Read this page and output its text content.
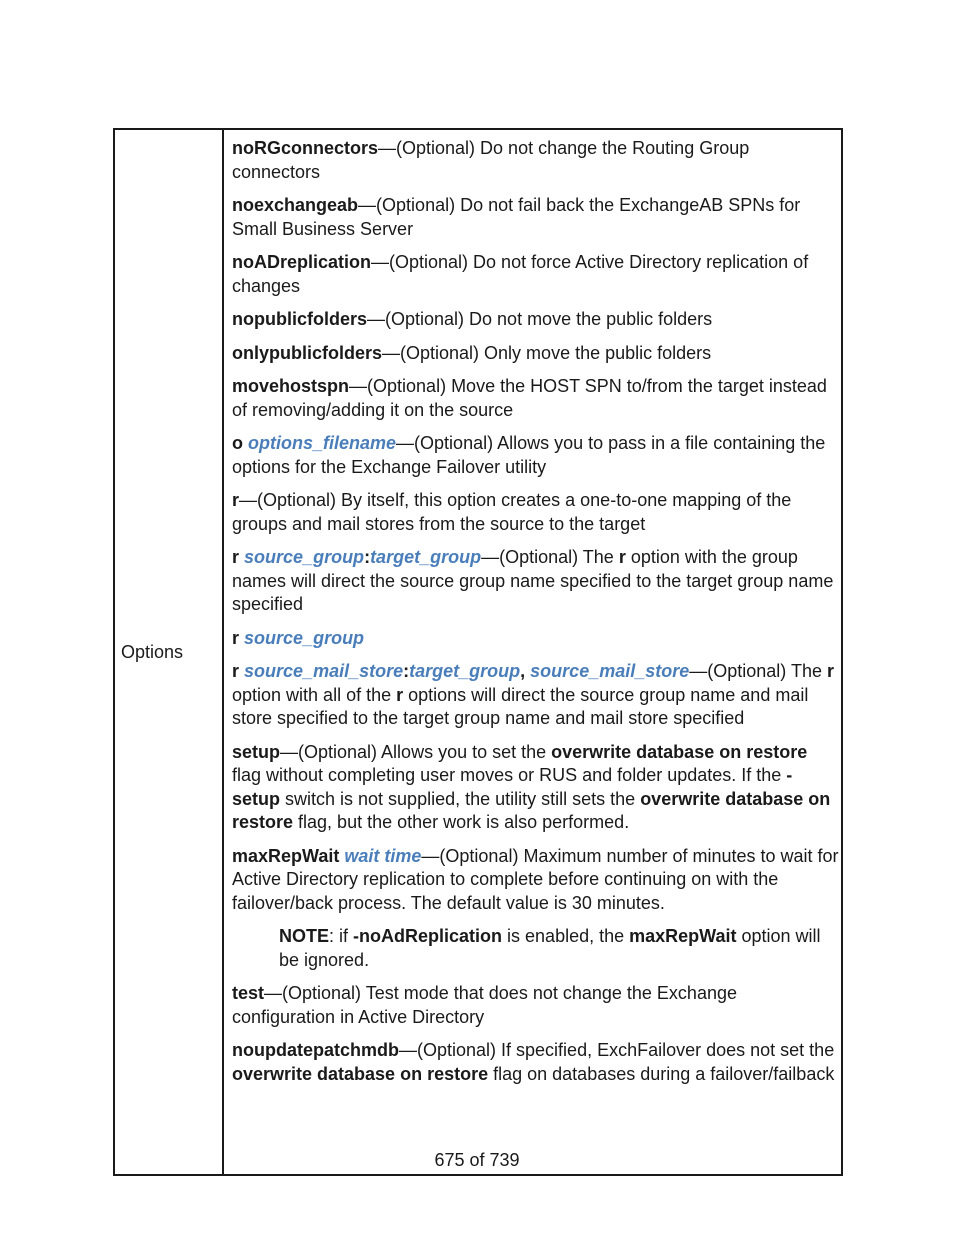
Options

noRGconnectors—(Optional) Do not change the Routing Group connectors

noexchangeab—(Optional) Do not fail back the ExchangeAB SPNs for Small Business Server

noADreplication—(Optional) Do not force Active Directory replication of changes

nopublicfolders—(Optional) Do not move the public folders

onlypublicfolders—(Optional) Only move the public folders

movehostspn—(Optional) Move the HOST SPN to/from the target instead of removing/adding it on the source

o options_filename—(Optional) Allows you to pass in a file containing the options for the Exchange Failover utility

r—(Optional) By itself, this option creates a one-to-one mapping of the groups and mail stores from the source to the target

r source_group:target_group—(Optional) The r option with the group names will direct the source group name specified to the target group name specified

r source_group

r source_mail_store:target_group, source_mail_store—(Optional) The r option with all of the r options will direct the source group name and mail store specified to the target group name and mail store specified

setup—(Optional) Allows you to set the overwrite database on restore flag without completing user moves or RUS and folder updates. If the -setup switch is not supplied, the utility still sets the overwrite database on restore flag, but the other work is also performed.

maxRepWait wait time—(Optional) Maximum number of minutes to wait for Active Directory replication to complete before continuing on with the failover/back process. The default value is 30 minutes.

NOTE: if -noAdReplication is enabled, the maxRepWait option will be ignored.

test—(Optional) Test mode that does not change the Exchange configuration in Active Directory

noupdatepatchmdb—(Optional) If specified, ExchFailover does not set the overwrite database on restore flag on databases during a failover/failback

675 of 739
